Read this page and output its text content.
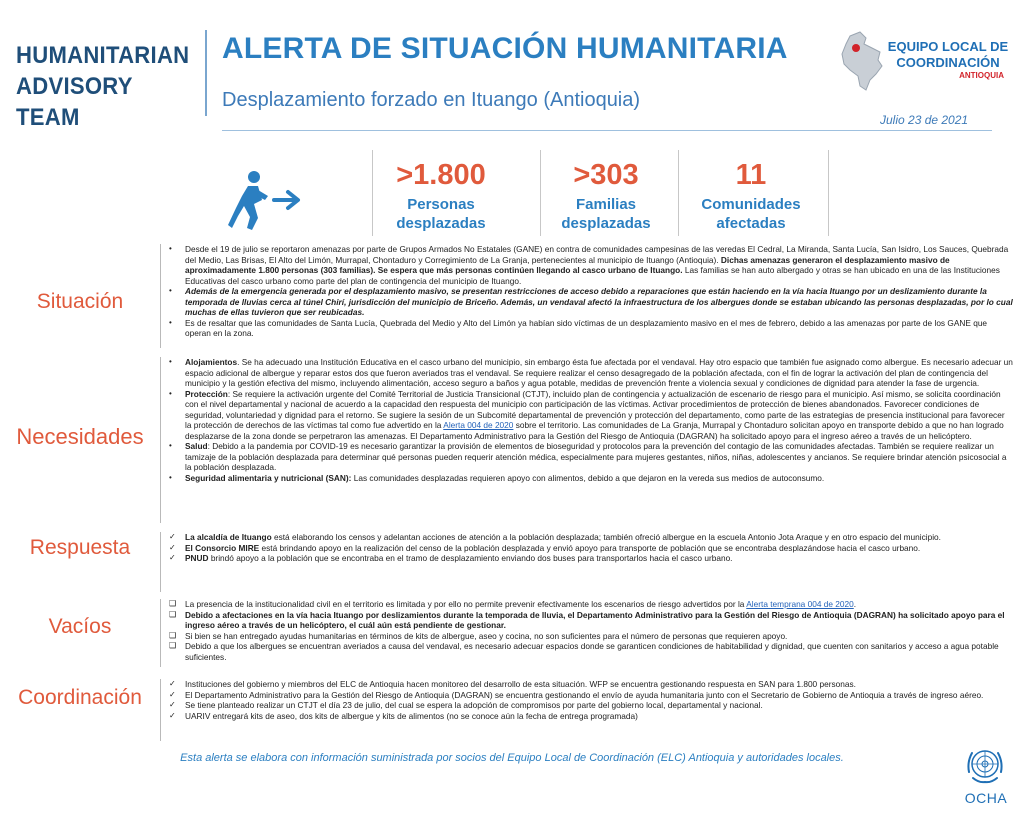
HUMANITARIAN
ADVISORY TEAM
ALERTA DE SITUACIÓN HUMANITARIA
Desplazamiento forzado en Ituango (Antioquia)
Julio 23 de 2021
EQUIPO LOCAL DE
COORDINACIÓN
ANTIOQUIA
>1.800
Personas
desplazadas
>303
Familias
desplazadas
11
Comunidades
afectadas
Situación
•	Desde el 19 de julio se reportaron amenazas por parte de Grupos Armados No Estatales (GANE) en contra de comunidades campesinas de las veredas El Cedral, La Miranda, Santa Lucía, San Isidro, Los Sauces, Quebrada del Medio, Las Brisas, El Alto del Limón, Murrapal, Chontaduro y Corregimiento de La Granja, pertenecientes al municipio de Ituango (Antioquia). Dichas amenazas generaron el desplazamiento masivo de aproximadamente 1.800 personas (303 familias). Se espera que más personas continúen llegando al casco urbano de Ituango. Las familias se han auto albergado y otras se han ubicado en una de las Instituciones Educativas del casco urbano como parte del plan de contingencia del municipio de Ituango.
•	Además de la emergencia generada por el desplazamiento masivo, se presentan restricciones de acceso debido a reparaciones que están haciendo en la vía hacia Ituango por un deslizamiento durante la temporada de lluvias cerca al túnel Chirí, jurisdicción del municipio de Briceño. Además, un vendaval afectó la infraestructura de los albergues donde se estaban ubicando las personas desplazadas, por lo cual muchas de ellas tuvieron que ser reubicadas.
•	Es de resaltar que las comunidades de Santa Lucía, Quebrada del Medio y Alto del Limón ya habían sido víctimas de un desplazamiento masivo en el mes de febrero, debido a las amenazas por parte de los GANE que operan en la zona.
Necesidades
•	Alojamientos. Se ha adecuado una Institución Educativa en el casco urbano del municipio, sin embargo ésta fue afectada por el vendaval. Hay otro espacio que también fue asignado como albergue. Es necesario adecuar un espacio adicional de albergue y reparar estos dos que fueron averiados tras el vendaval. Se requiere realizar el censo desagregado de la población afectada, con el fin de lograr la activación del plan de contingencia del municipio y la gestión efectiva del mismo, incluyendo alimentación, acceso seguro a baños y agua potable, medidas de prevención frente a violencia sexual y condiciones de dignidad para atender la fase de urgencia.
•	Protección: Se requiere la activación urgente del Comité Territorial de Justicia Transicional (CTJT), incluido plan de contingencia y actualización de escenario de riesgo para el municipio. Así mismo, se solicita coordinación con el nivel departamental y nacional de acuerdo a la capacidad den respuesta del municipio con participación de las víctimas. Activar procedimientos de protección de bienes abandonados. Favorecer condiciones de seguridad, voluntariedad y dignidad para el retorno. Se sugiere la sesión de un Subcomité departamental de prevención y protección del departamento, como parte de las estrategias de presencia institucional para favorecer la protección de derechos de las víctimas tal como fue advertido en la Alerta 004 de 2020 sobre el territorio. Las comunidades de La Granja, Murrapal y Chontaduro solicitan apoyo en transporte debido a que no han logrado desplazarse de la zona donde se perpetraron las amenazas. El Departamento Administrativo para la Gestión del Riesgo de Antioquia (DAGRAN) ha solicitado apoyo para el ingreso aéreo a través de un helicóptero.
•	Salud: Debido a la pandemia por COVID-19 es necesario garantizar la provisión de elementos de bioseguridad y protocolos para la prevención del contagio de las comunidades afectadas. También se requiere realizar un tamizaje de la población desplazada para determinar qué personas pueden requerir atención médica, especialmente para mujeres gestantes, niños, niñas, adolescentes y ancianos. Se requiere brindar atención psicosocial a la población desplazada.
•	Seguridad alimentaria y nutricional (SAN): Las comunidades desplazadas requieren apoyo con alimentos, debido a que dejaron en la vereda sus medios de autoconsumo.
Respuesta	✓	La alcaldía de Ituango está elaborando los censos y adelantan acciones de atención a la población desplazada; también ofreció albergue en la escuela Antonio Jota Araque y en otro espacio del municipio.
✓	El Consorcio MIRE está brindando apoyo en la realización del censo de la población desplazada y envió apoyo para transporte de población que se encontraba desplazándose hacia el casco urbano.
✓	PNUD brindó apoyo a la población que se encontraba en el tramo de desplazamiento enviando dos buses para transportarlos hacia el casco urbano.
Vacíos
❑	La presencia de la institucionalidad civil en el territorio es limitada y por ello no permite prevenir efectivamente los escenarios de riesgo advertidos por la Alerta temprana 004 de 2020.
❑	Debido a afectaciones en la vía hacia Ituango por deslizamientos durante la temporada de lluvia, el Departamento Administrativo para la Gestión del Riesgo de Antioquia (DAGRAN) ha solicitado apoyo para el ingreso aéreo a través de un helicóptero, el cuál aún está pendiente de gestionar.
❑	Si bien se han entregado ayudas humanitarias en términos de kits de albergue, aseo y cocina, no son suficientes para el número de personas que requieren apoyo.
❑	Debido a que los albergues se encuentran averiados a causa del vendaval, es necesario adecuar espacios donde se garanticen condiciones de habitabilidad y dignidad, que cuenten con sanitarios y acceso a agua potable suficientes.
Coordinación
✓	Instituciones del gobierno y miembros del ELC de Antioquia hacen monitoreo del desarrollo de esta situación. WFP se encuentra gestionando respuesta en SAN para 1.800 personas.
✓	El Departamento Administrativo para la Gestión del Riesgo de Antioquia (DAGRAN) se encuentra gestionando el envío de ayuda humanitaria junto con el Secretario de Gobierno de Antioquia a través de ingreso aéreo.
✓	Se tiene planteado realizar un CTJT el día 23 de julio, del cual se espera la adopción de compromisos por parte del gobierno local, departamental y nacional.
✓	UARIV entregará kits de aseo, dos kits de albergue y kits de alimentos (no se conoce aún la fecha de entrega programada)
Esta alerta se elabora con información suministrada por socios del Equipo Local de Coordinación (ELC) Antioquia y autoridades locales.
OCHA
